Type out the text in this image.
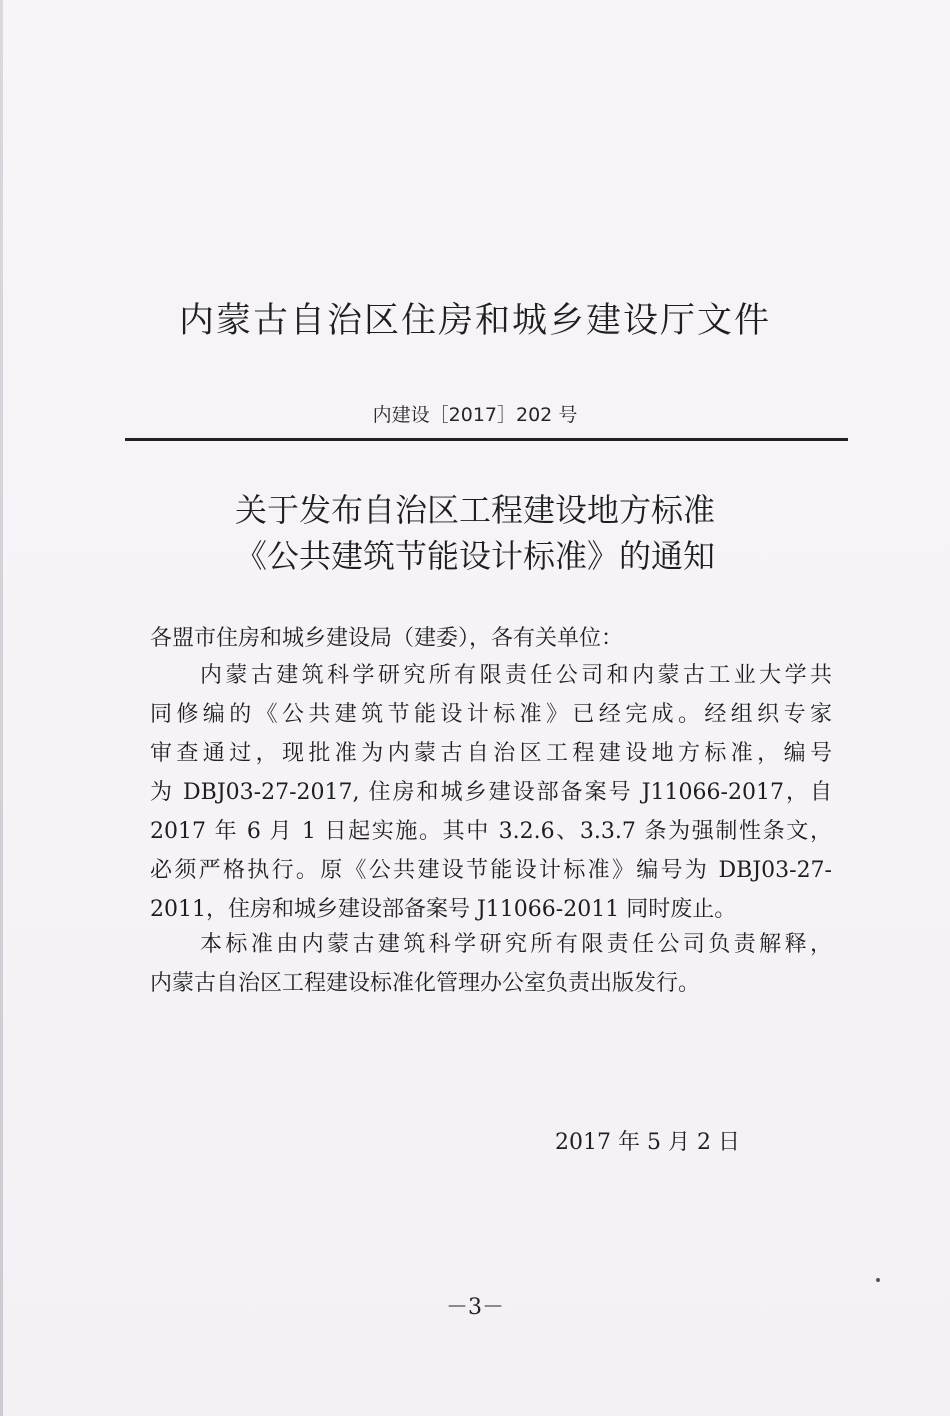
内蒙古自治区住房和城乡建设厅文件
内建设［2017］202 号
关于发布自治区工程建设地方标准
《公共建筑节能设计标准》的通知
各盟市住房和城乡建设局（建委），各有关单位：
内蒙古建筑科学研究所有限责任公司和内蒙古工业大学共
同修编的《公共建筑节能设计标准》已经完成。经组织专家
审查通过，现批准为内蒙古自治区工程建设地方标准，编号
为 DBJ03-27-2017, 住房和城乡建设部备案号 J11066-2017，自
2017 年 6 月 1 日起实施。其中 3.2.6、3.3.7 条为强制性条文，
必须严格执行。原《公共建设节能设计标准》编号为 DBJ03-27-
2011，住房和城乡建设部备案号 J11066-2011 同时废止。
本标准由内蒙古建筑科学研究所有限责任公司负责解释，
内蒙古自治区工程建设标准化管理办公室负责出版发行。
2017 年 5 月 2 日
－3－
